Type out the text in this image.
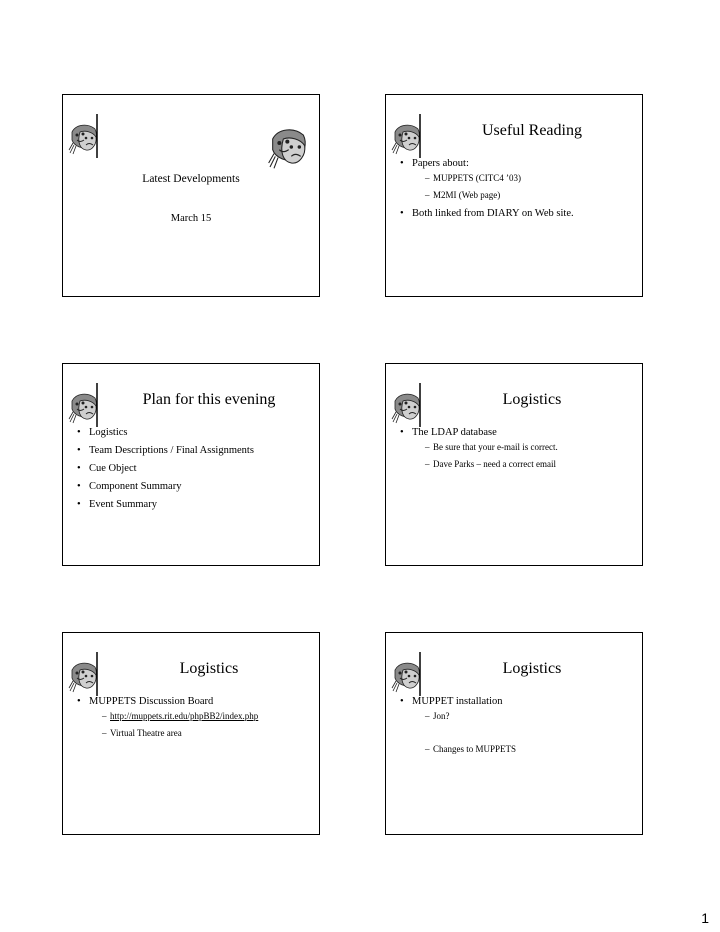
Latest Developments
March 15
Useful Reading
• Papers about:
– MUPPETS (CITC4 ’03)
– M2MI (Web page)
• Both linked from DIARY on Web site.
Plan for this evening
• Logistics
• Team Descriptions / Final Assignments
• Cue Object
• Component Summary
• Event Summary
Logistics
• The LDAP database
– Be sure that your e-mail is correct.
– Dave Parks – need a correct email
Logistics
• MUPPETS Discussion Board
– http://muppets.rit.edu/phpBB2/index.php
– Virtual Theatre area
Logistics
• MUPPET installation
– Jon?
– Changes to MUPPETS
1
